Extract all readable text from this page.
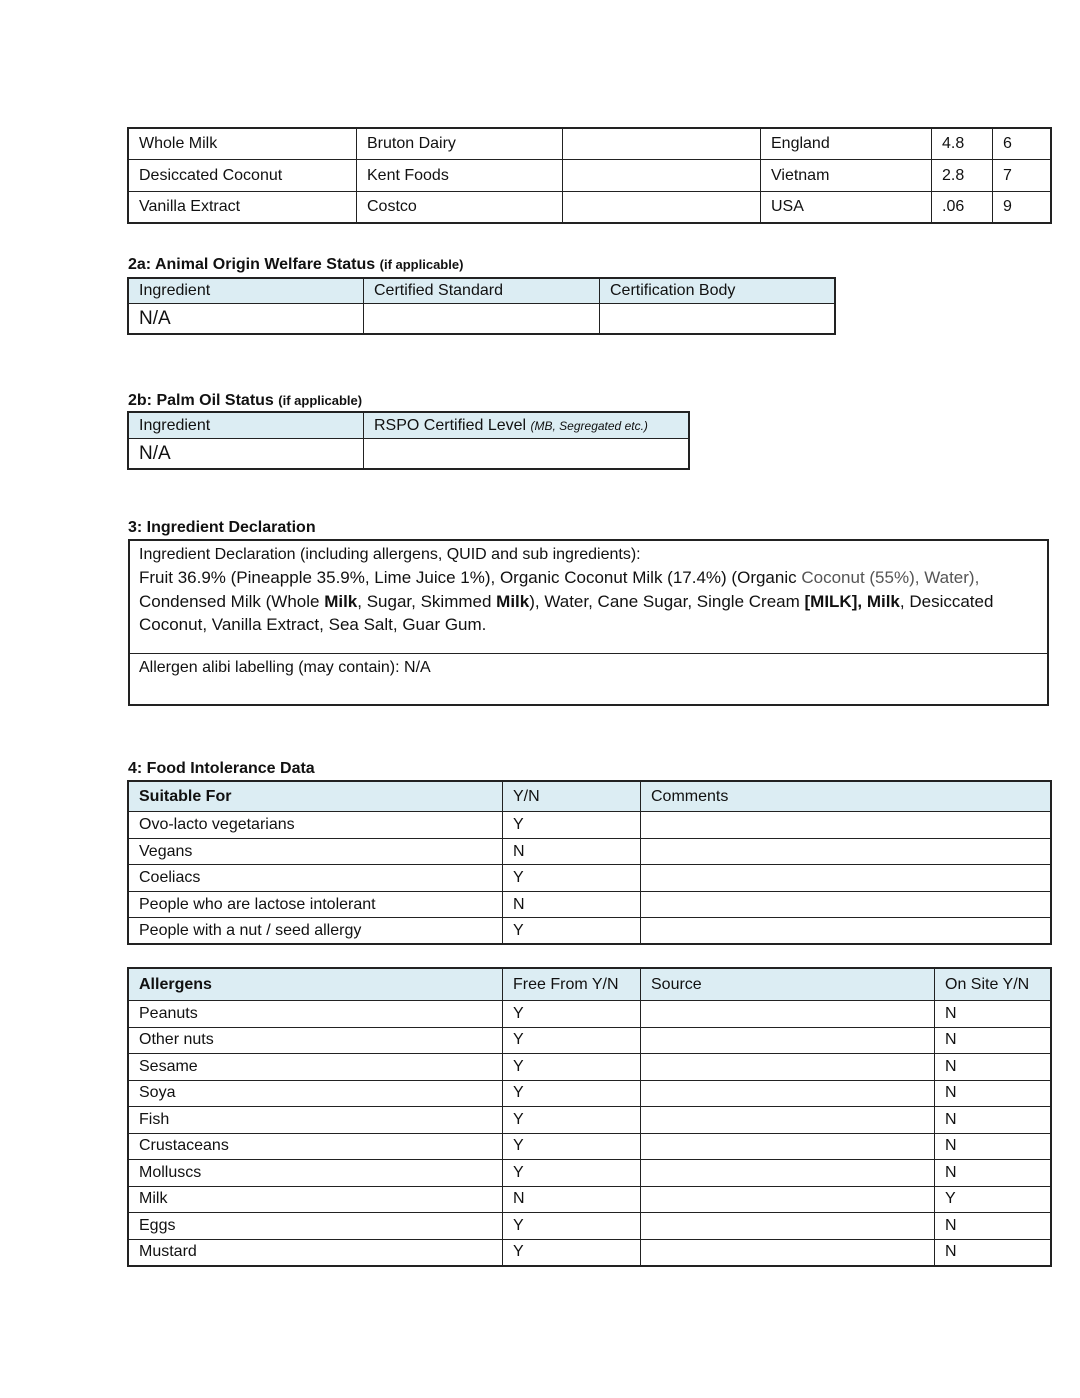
Whole Milk	Bruton Dairy		England	4.8	6
Desiccated Coconut	Kent Foods		Vietnam	2.8	7
Vanilla Extract	Costco		USA	.06	9
2a: Animal Origin Welfare Status (if applicable)
Ingredient	Certified Standard	Certification Body
N/A		
2b: Palm Oil Status (if applicable)
Ingredient	RSPO Certified Level (MB, Segregated etc.)
N/A	
3: Ingredient Declaration
Ingredient Declaration (including allergens, QUID and sub ingredients):
Fruit 36.9% (Pineapple 35.9%, Lime Juice 1%), Organic Coconut Milk (17.4%) (Organic Coconut (55%), Water), Condensed Milk (Whole Milk, Sugar, Skimmed Milk), Water, Cane Sugar, Single Cream [MILK], Milk, Desiccated Coconut, Vanilla Extract, Sea Salt, Guar Gum.
Allergen alibi labelling (may contain): N/A
4: Food Intolerance Data
Suitable For	Y/N	Comments
Ovo-lacto vegetarians	Y	
Vegans	N	
Coeliacs	Y	
People who are lactose intolerant	N	
People with a nut / seed allergy	Y	
Allergens	Free From Y/N	Source	On Site Y/N
Peanuts	Y		N
Other nuts	Y		N
Sesame	Y		N
Soya	Y		N
Fish	Y		N
Crustaceans	Y		N
Molluscs	Y		N
Milk	N		Y
Eggs	Y		N
Mustard	Y		N
